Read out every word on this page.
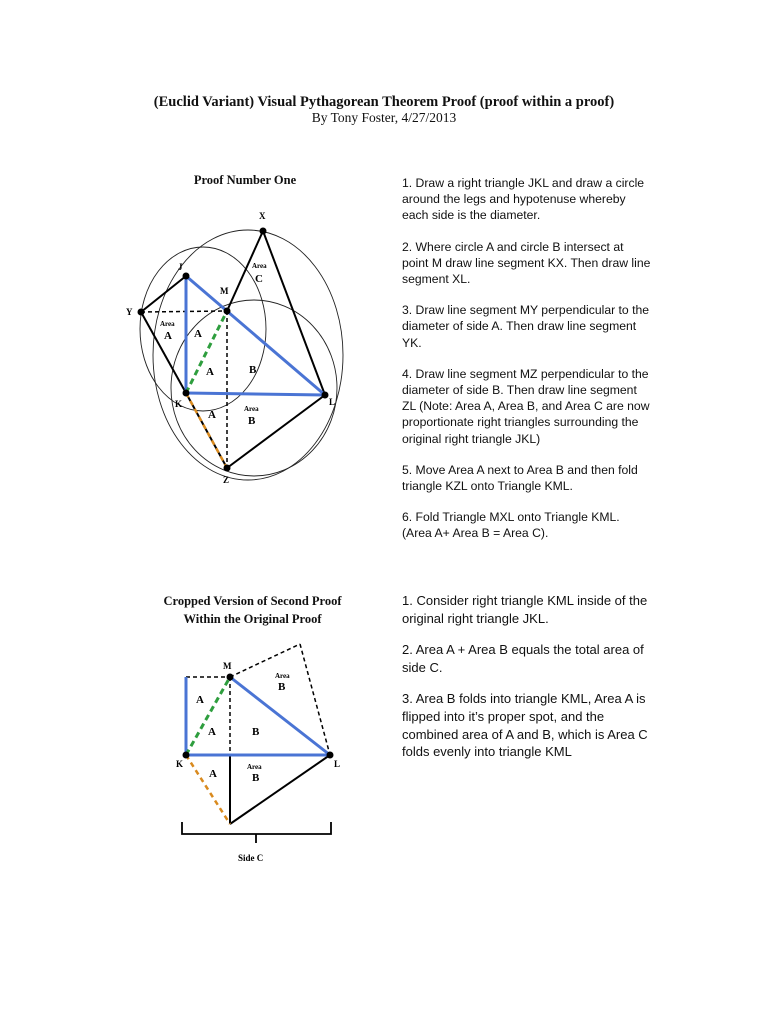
(Euclid Variant) Visual Pythagorean Theorem Proof (proof within a proof)
By Tony Foster, 4/27/2013
Proof Number One
X
J
M
Y
K	L
Z
Area
Area
Area
C
A A
A	B
A	B
1. Draw a right triangle JKL and draw a circle around the legs and hypotenuse whereby each side is the diameter.
2. Where circle A and circle B intersect at point M draw line segment KX. Then draw line segment XL.
3. Draw line segment MY perpendicular to the diameter of side A. Then draw line segment YK.
4. Draw line segment MZ perpendicular to the diameter of side B. Then draw line segment ZL (Note: Area A, Area B, and Area C are now proportionate right triangles surrounding the original right triangle JKL)
5. Move Area A next to Area B and then fold triangle KZL onto Triangle KML.
6. Fold Triangle MXL onto Triangle KML. (Area A+ Area B = Area C).
Cropped Version of Second Proof
Within the Original Proof
M
K	L
Side C
Area
Area
B
A
A	B
A	B
1. Consider right triangle KML inside of the original right triangle JKL.
2. Area A + Area B equals the total area of side C.
3. Area B folds into triangle KML, Area A is flipped into it’s proper spot, and the combined area of A and B, which is Area C folds evenly into triangle KML
